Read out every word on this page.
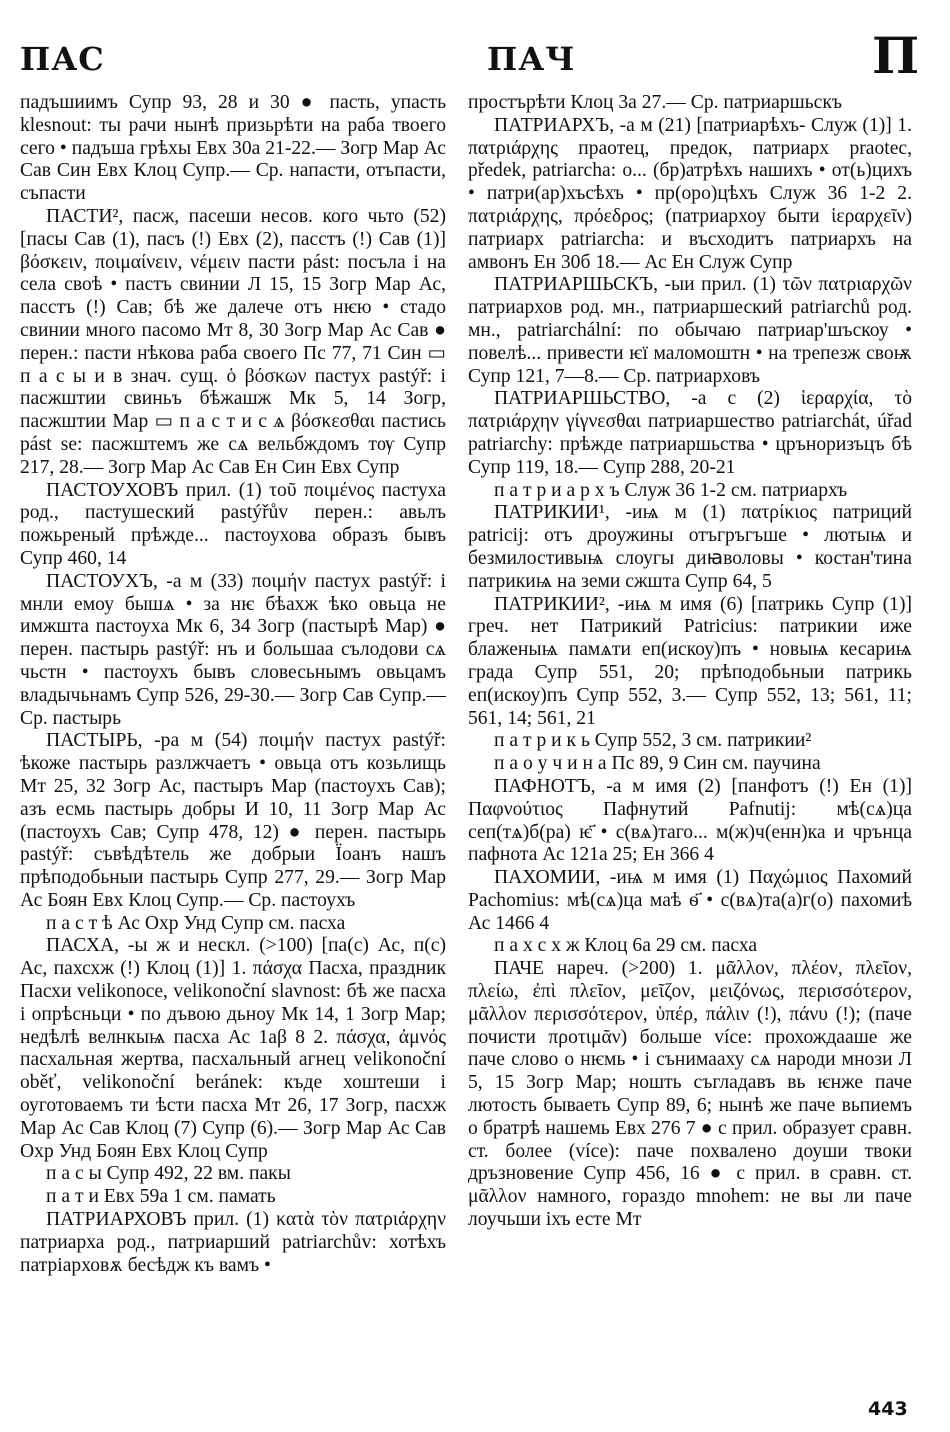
ПАС	ПАЧ	П

падъшиимъ Супр 93, 28 и 30 ● пасть, упасть klesnout: ты рачи нынѣ призьрѣти на раба твоего сего • падъша грѣхы Евх 30а 21-22.— Зогр Мар Ас Сав Син Евх Клоц Супр.— Ср. напасти, отъпасти, съпасти

ПАСТИ², пасж, пасеши несов. кого чьто (52) [пасы Сав (1), пасъ (!) Евх (2), пасстъ (!) Сав (1)] βόσκειν, ποιμαίνειν, νέμειν пасти pást: посъла i на села своѣ • пастъ свинии Л 15, 15 Зогр Мар Ас, пасстъ (!) Сав; бѣ же далече отъ нѥю • стадо свинии много пасомо Мт 8, 30 Зогр Мар Ас Сав ● перен.: пасти нѣкова раба своего Пс 77, 71 Син ▭ п а с ы и в знач. сущ. ὁ βόσκων пастух pastýř: i пасжштии свиньъ бѣжашж Мк 5, 14 Зогр, пасжштии Мар ▭ п а с т и с ѧ βόσκεσθαι пастись pást se: пасжштемъ же сѧ вельбждомъ тѹ Супр 217, 28.— Зогр Мар Ас Сав Ен Син Евх Супр

ПАСТОУХОВЪ прил. (1) τοῦ ποιμένος пастуха род., пастушеский pastýřův перен.: авьлъ пожьреный прѣжде... пастоухова образъ бывъ Супр 460, 14

ПАСТОУХЪ, -а м (33) ποιμήν пастух pastýř: i мнли емоу бышѧ • за нѥ бѣахж ѣко овьца не имжшта пастоуха Мк 6, 34 Зогр (пастырѣ Мар) ● перен. пастырь pastýř: нъ и большаа сълодови сѧ чьстн • пастоухъ бывъ словесьнымъ овьцамъ владычьнамъ Супр 526, 29-30.— Зогр Сав Супр.— Ср. пастырь

ПАСТЫРЬ, -ра м (54) ποιμήν пастух pastýř: ѣкоже пастырь разлжчаетъ • овьца отъ козьлищь Мт 25, 32 Зогр Ас, пастыръ Мар (пастоухъ Сав); азъ есмь пастырь добры И 10, 11 Зогр Мар Ас (пастоухъ Сав; Супр 478, 12) ● перен. пастырь pastýř: съвѣдѣтель же добрыи Їоанъ нашъ прѣподобьныи пастырь Супр 277, 29.— Зогр Мар Ас Боян Евх Клоц Супр.— Ср. пастоухъ

п а с т ѣ Ас Охр Унд Супр см. пасха

ПАСХА, -ы ж и нескл. (>100) [па(с) Ас, п(с) Ас, пахсхж (!) Клоц (1)] 1. πάσχα Пасха, праздник Пасхи velikonoce, velikonoční slavnost: бѣ же пасха i опрѣсньци • по дъвою дьноу Мк 14, 1 Зогр Мар; недѣлѣ велнкыѩ пасха Ас 1аβ 8 2. πάσχα, ἀμνός пасхальная жертва, пасхальный агнец velikonoční oběť, velikonoční beránek: къде хоштеши i оуготоваемъ ти ѣсти пасха Мт 26, 17 Зогр, пасхж Мар Ас Сав Клоц (7) Супр (6).— Зогр Мар Ас Сав Охр Унд Боян Евх Клоц Супр

п а с ы Супр 492, 22 вм. пакы

п а т и Евх 59а 1 см. памать

ПАТРИАРХОВЪ прил. (1) κατὰ τὸν πατριάρχην патриарха род., патриарший patriarchův: хотѣхъ патрiарховѫ бесѣдж къ вамъ •

простърѣти Клоц 3а 27.— Ср. патриаршьскъ

ПАТРИАРХЪ, -а м (21) [патриарѣхъ- Служ (1)] 1. πατριάρχης праотец, предок, патриарх praotec, předek, patriarcha: о... (бр)атрѣхъ нашихъ • от(ь)цихъ • патри(ар)хъсѣхъ • пр(оро)цѣхъ Служ 36 1-2 2. πατριάρχης, πρόεδρος; (патриархоу быти ἱεραρχεῖν) патриарх patriarcha: и въсходитъ патриархъ на амвонъ Ен 30б 18.— Ас Ен Служ Супр

ПАТРИАРШЬСКЪ, -ыи прил. (1) τῶν πατριαρχῶν патриархов род. мн., патриаршеский patriarchů род. мн., patriarchální: по обычаю патриар'шъскоу • повелѣ... привести ѥї маломоштн • на трепезж своѭ Супр 121, 7—8.— Ср. патриарховъ

ПАТРИАРШЬСТВО, -а с (2) ἱεραρχία, τὸ πατριάρχην γίγνεσθαι патриаршество patriarchát, úřad patriarchy: прѣжде патриаршьства • цръноризъцъ бѣ Супр 119, 18.— Супр 288, 20-21

п а т р и а р х ъ Служ 36 1-2 см. патриархъ

ПАТРИКИИ¹, -иѩ м (1) πατρίκιος патриций patricij: отъ дроужины отъгръгъше • лютыѩ и безмилостивыѩ слоугы диꙗволовы • костан'тина патрикиѩ на земи сжшта Супр 64, 5

ПАТРИКИИ², -иѩ м имя (6) [патрикь Супр (1)] греч. нет Патрикий Patricius: патрикии иже блаженыѩ памѧти еп(искоу)пъ • новыѩ кесариѩ града Супр 551, 20; прѣподобьныи патрикь еп(искоу)пъ Супр 552, 3.— Супр 552, 13; 561, 11; 561, 14; 561, 21

п а т р и к ь Супр 552, 3 см. патрикии²

п а о у ч и н а Пс 89, 9 Син см. паучина

ПАФНОТЪ, -а м имя (2) [панфотъ (!) Ен (1)] Παφνούτιος Пафнутий Pafnutij: мѣ(сѧ)ца сеп(тѧ)б(ра) ѥ҃ • с(вѧ)таго... м(ж)ч(енн)ка и чрънца пафнота Ас 121а 25; Ен 366 4

ПАХОМИИ, -иѩ м имя (1) Παχώμιος Пахомий Pachomius: мѣ(сѧ)ца маѣ ѳ҃ • с(вѧ)та(а)г(о) пахомиѣ Ас 1466 4

п а х с х ж Клоц 6а 29 см. пасха

ПАЧЕ нареч. (>200) 1. μᾶλλον, πλέον, πλεῖον, πλείω, ἐπὶ πλεῖον, μεῖζον, μειζόνως, περισσότερον, μᾶλλον περισσότερον, ὑπέρ, πάλιν (!), πάνυ (!); (паче почисти προτιμᾶν) больше více: прохождааше же паче слово о нѥмь • i сънимааху сѧ народи мнози Л 5, 15 Зогр Мар; ношть съгладавъ вь ѥнже паче лютость бываеть Супр 89, 6; нынѣ же паче вьпиемъ о братрѣ нашемь Евх 276 7 ● с прил. образует сравн. ст. более (více): паче похвалено доуши твоки дръзновение Супр 456, 16 ● с прил. в сравн. ст. μᾶλλον намного, гораздо mnohem: не вы ли паче лоучьши іхъ есте Мт

443
